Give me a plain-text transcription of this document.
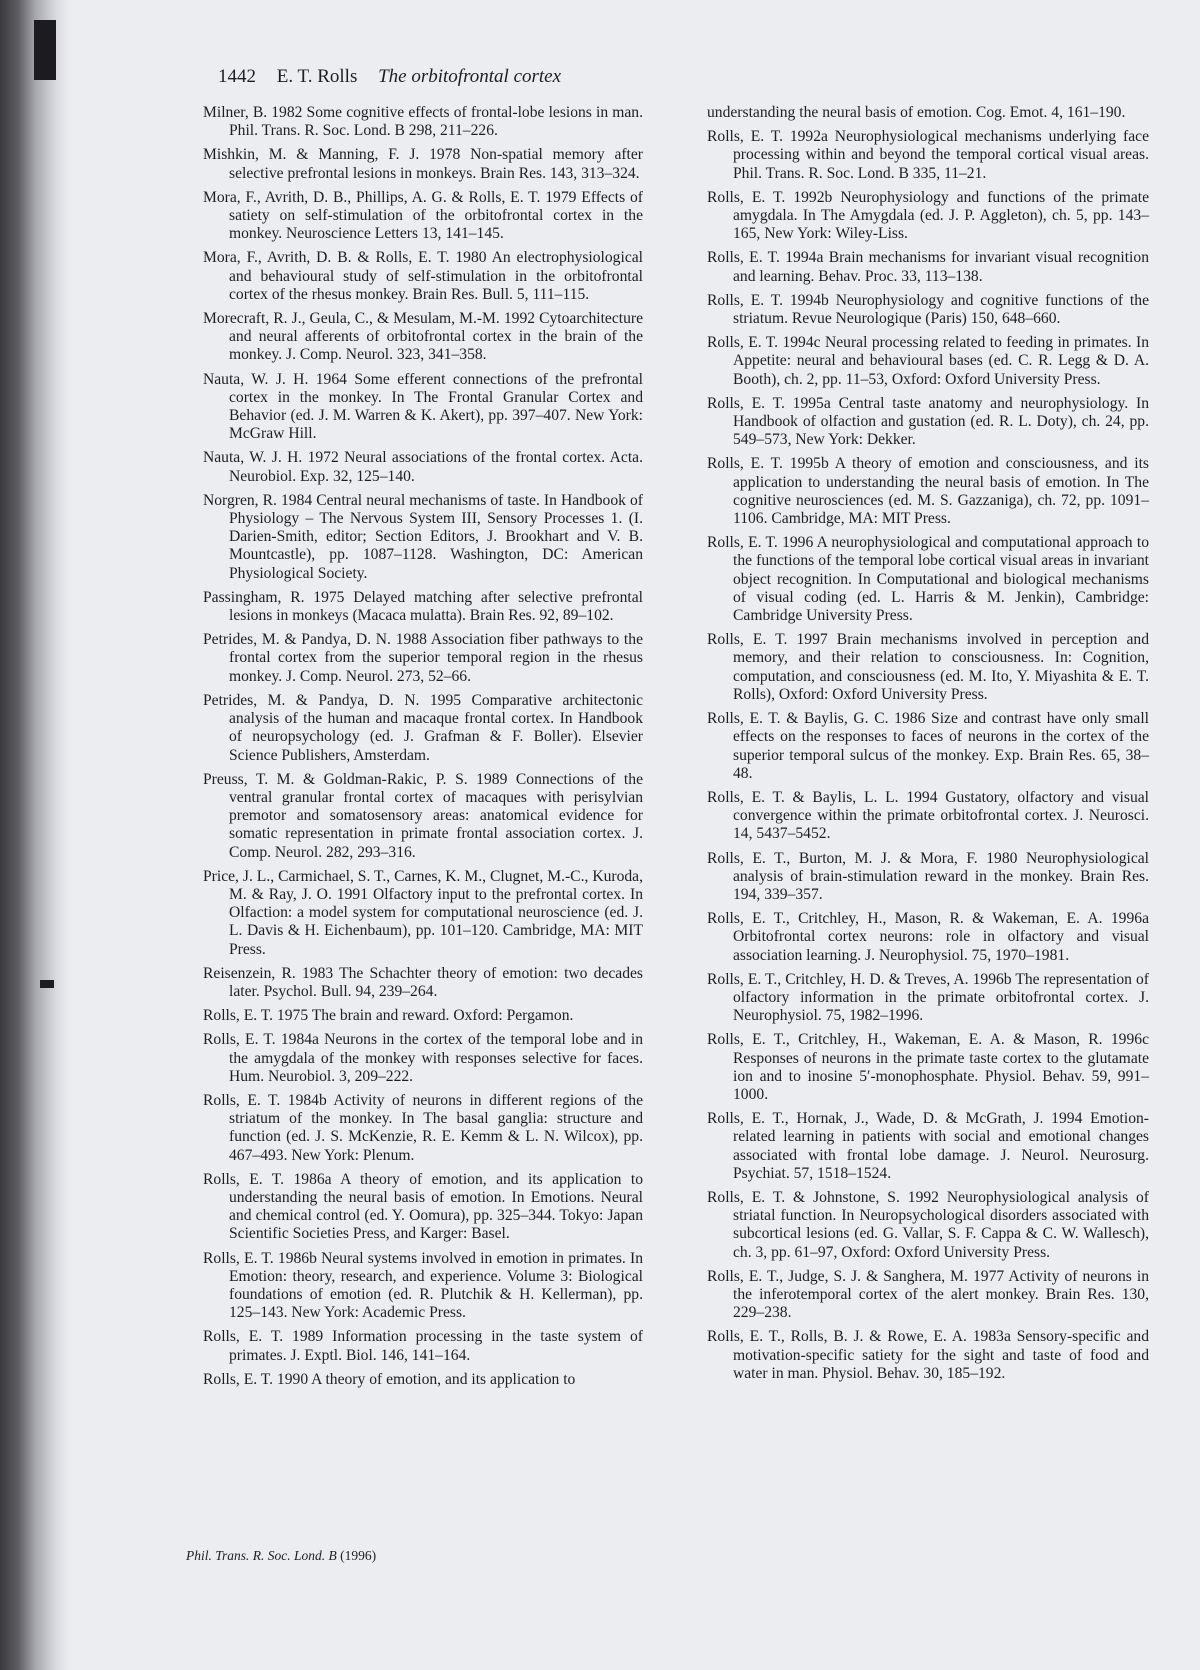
1442 E. T. Rolls The orbitofrontal cortex

Milner, B. 1982 Some cognitive effects of frontal-lobe lesions in man. Phil. Trans. R. Soc. Lond. B 298, 211–226.

Mishkin, M. & Manning, F. J. 1978 Non-spatial memory after selective prefrontal lesions in monkeys. Brain Res. 143, 313–324.

Mora, F., Avrith, D. B., Phillips, A. G. & Rolls, E. T. 1979 Effects of satiety on self-stimulation of the orbitofrontal cortex in the monkey. Neuroscience Letters 13, 141–145.

Mora, F., Avrith, D. B. & Rolls, E. T. 1980 An electrophysiological and behavioural study of self-stimulation in the orbitofrontal cortex of the rhesus monkey. Brain Res. Bull. 5, 111–115.

Morecraft, R. J., Geula, C., & Mesulam, M.-M. 1992 Cytoarchitecture and neural afferents of orbitofrontal cortex in the brain of the monkey. J. Comp. Neurol. 323, 341–358.

Nauta, W. J. H. 1964 Some efferent connections of the prefrontal cortex in the monkey. In The Frontal Granular Cortex and Behavior (ed. J. M. Warren & K. Akert), pp. 397–407. New York: McGraw Hill.

Nauta, W. J. H. 1972 Neural associations of the frontal cortex. Acta. Neurobiol. Exp. 32, 125–140.

Norgren, R. 1984 Central neural mechanisms of taste. In Handbook of Physiology – The Nervous System III, Sensory Processes 1. (I. Darien-Smith, editor; Section Editors, J. Brookhart and V. B. Mountcastle), pp. 1087–1128. Washington, DC: American Physiological Society.

Passingham, R. 1975 Delayed matching after selective prefrontal lesions in monkeys (Macaca mulatta). Brain Res. 92, 89–102.

Petrides, M. & Pandya, D. N. 1988 Association fiber pathways to the frontal cortex from the superior temporal region in the rhesus monkey. J. Comp. Neurol. 273, 52–66.

Petrides, M. & Pandya, D. N. 1995 Comparative architectonic analysis of the human and macaque frontal cortex. In Handbook of neuropsychology (ed. J. Grafman & F. Boller). Elsevier Science Publishers, Amsterdam.

Preuss, T. M. & Goldman-Rakic, P. S. 1989 Connections of the ventral granular frontal cortex of macaques with perisylvian premotor and somatosensory areas: anatomical evidence for somatic representation in primate frontal association cortex. J. Comp. Neurol. 282, 293–316.

Price, J. L., Carmichael, S. T., Carnes, K. M., Clugnet, M.-C., Kuroda, M. & Ray, J. O. 1991 Olfactory input to the prefrontal cortex. In Olfaction: a model system for computational neuroscience (ed. J. L. Davis & H. Eichenbaum), pp. 101–120. Cambridge, MA: MIT Press.

Reisenzein, R. 1983 The Schachter theory of emotion: two decades later. Psychol. Bull. 94, 239–264.

Rolls, E. T. 1975 The brain and reward. Oxford: Pergamon.

Rolls, E. T. 1984a Neurons in the cortex of the temporal lobe and in the amygdala of the monkey with responses selective for faces. Hum. Neurobiol. 3, 209–222.

Rolls, E. T. 1984b Activity of neurons in different regions of the striatum of the monkey. In The basal ganglia: structure and function (ed. J. S. McKenzie, R. E. Kemm & L. N. Wilcox), pp. 467–493. New York: Plenum.

Rolls, E. T. 1986a A theory of emotion, and its application to understanding the neural basis of emotion. In Emotions. Neural and chemical control (ed. Y. Oomura), pp. 325–344. Tokyo: Japan Scientific Societies Press, and Karger: Basel.

Rolls, E. T. 1986b Neural systems involved in emotion in primates. In Emotion: theory, research, and experience. Volume 3: Biological foundations of emotion (ed. R. Plutchik & H. Kellerman), pp. 125–143. New York: Academic Press.

Rolls, E. T. 1989 Information processing in the taste system of primates. J. Exptl. Biol. 146, 141–164.

Rolls, E. T. 1990 A theory of emotion, and its application to

understanding the neural basis of emotion. Cog. Emot. 4, 161–190.

Rolls, E. T. 1992a Neurophysiological mechanisms underlying face processing within and beyond the temporal cortical visual areas. Phil. Trans. R. Soc. Lond. B 335, 11–21.

Rolls, E. T. 1992b Neurophysiology and functions of the primate amygdala. In The Amygdala (ed. J. P. Aggleton), ch. 5, pp. 143–165, New York: Wiley-Liss.

Rolls, E. T. 1994a Brain mechanisms for invariant visual recognition and learning. Behav. Proc. 33, 113–138.

Rolls, E. T. 1994b Neurophysiology and cognitive functions of the striatum. Revue Neurologique (Paris) 150, 648–660.

Rolls, E. T. 1994c Neural processing related to feeding in primates. In Appetite: neural and behavioural bases (ed. C. R. Legg & D. A. Booth), ch. 2, pp. 11–53, Oxford: Oxford University Press.

Rolls, E. T. 1995a Central taste anatomy and neurophysiology. In Handbook of olfaction and gustation (ed. R. L. Doty), ch. 24, pp. 549–573, New York: Dekker.

Rolls, E. T. 1995b A theory of emotion and consciousness, and its application to understanding the neural basis of emotion. In The cognitive neurosciences (ed. M. S. Gazzaniga), ch. 72, pp. 1091–1106. Cambridge, MA: MIT Press.

Rolls, E. T. 1996 A neurophysiological and computational approach to the functions of the temporal lobe cortical visual areas in invariant object recognition. In Computational and biological mechanisms of visual coding (ed. L. Harris & M. Jenkin), Cambridge: Cambridge University Press.

Rolls, E. T. 1997 Brain mechanisms involved in perception and memory, and their relation to consciousness. In: Cognition, computation, and consciousness (ed. M. Ito, Y. Miyashita & E. T. Rolls), Oxford: Oxford University Press.

Rolls, E. T. & Baylis, G. C. 1986 Size and contrast have only small effects on the responses to faces of neurons in the cortex of the superior temporal sulcus of the monkey. Exp. Brain Res. 65, 38–48.

Rolls, E. T. & Baylis, L. L. 1994 Gustatory, olfactory and visual convergence within the primate orbitofrontal cortex. J. Neurosci. 14, 5437–5452.

Rolls, E. T., Burton, M. J. & Mora, F. 1980 Neurophysiological analysis of brain-stimulation reward in the monkey. Brain Res. 194, 339–357.

Rolls, E. T., Critchley, H., Mason, R. & Wakeman, E. A. 1996a Orbitofrontal cortex neurons: role in olfactory and visual association learning. J. Neurophysiol. 75, 1970–1981.

Rolls, E. T., Critchley, H. D. & Treves, A. 1996b The representation of olfactory information in the primate orbitofrontal cortex. J. Neurophysiol. 75, 1982–1996.

Rolls, E. T., Critchley, H., Wakeman, E. A. & Mason, R. 1996c Responses of neurons in the primate taste cortex to the glutamate ion and to inosine 5′-monophosphate. Physiol. Behav. 59, 991–1000.

Rolls, E. T., Hornak, J., Wade, D. & McGrath, J. 1994 Emotion-related learning in patients with social and emotional changes associated with frontal lobe damage. J. Neurol. Neurosurg. Psychiat. 57, 1518–1524.

Rolls, E. T. & Johnstone, S. 1992 Neurophysiological analysis of striatal function. In Neuropsychological disorders associated with subcortical lesions (ed. G. Vallar, S. F. Cappa & C. W. Wallesch), ch. 3, pp. 61–97, Oxford: Oxford University Press.

Rolls, E. T., Judge, S. J. & Sanghera, M. 1977 Activity of neurons in the inferotemporal cortex of the alert monkey. Brain Res. 130, 229–238.

Rolls, E. T., Rolls, B. J. & Rowe, E. A. 1983a Sensory-specific and motivation-specific satiety for the sight and taste of food and water in man. Physiol. Behav. 30, 185–192.

Phil. Trans. R. Soc. Lond. B (1996)
